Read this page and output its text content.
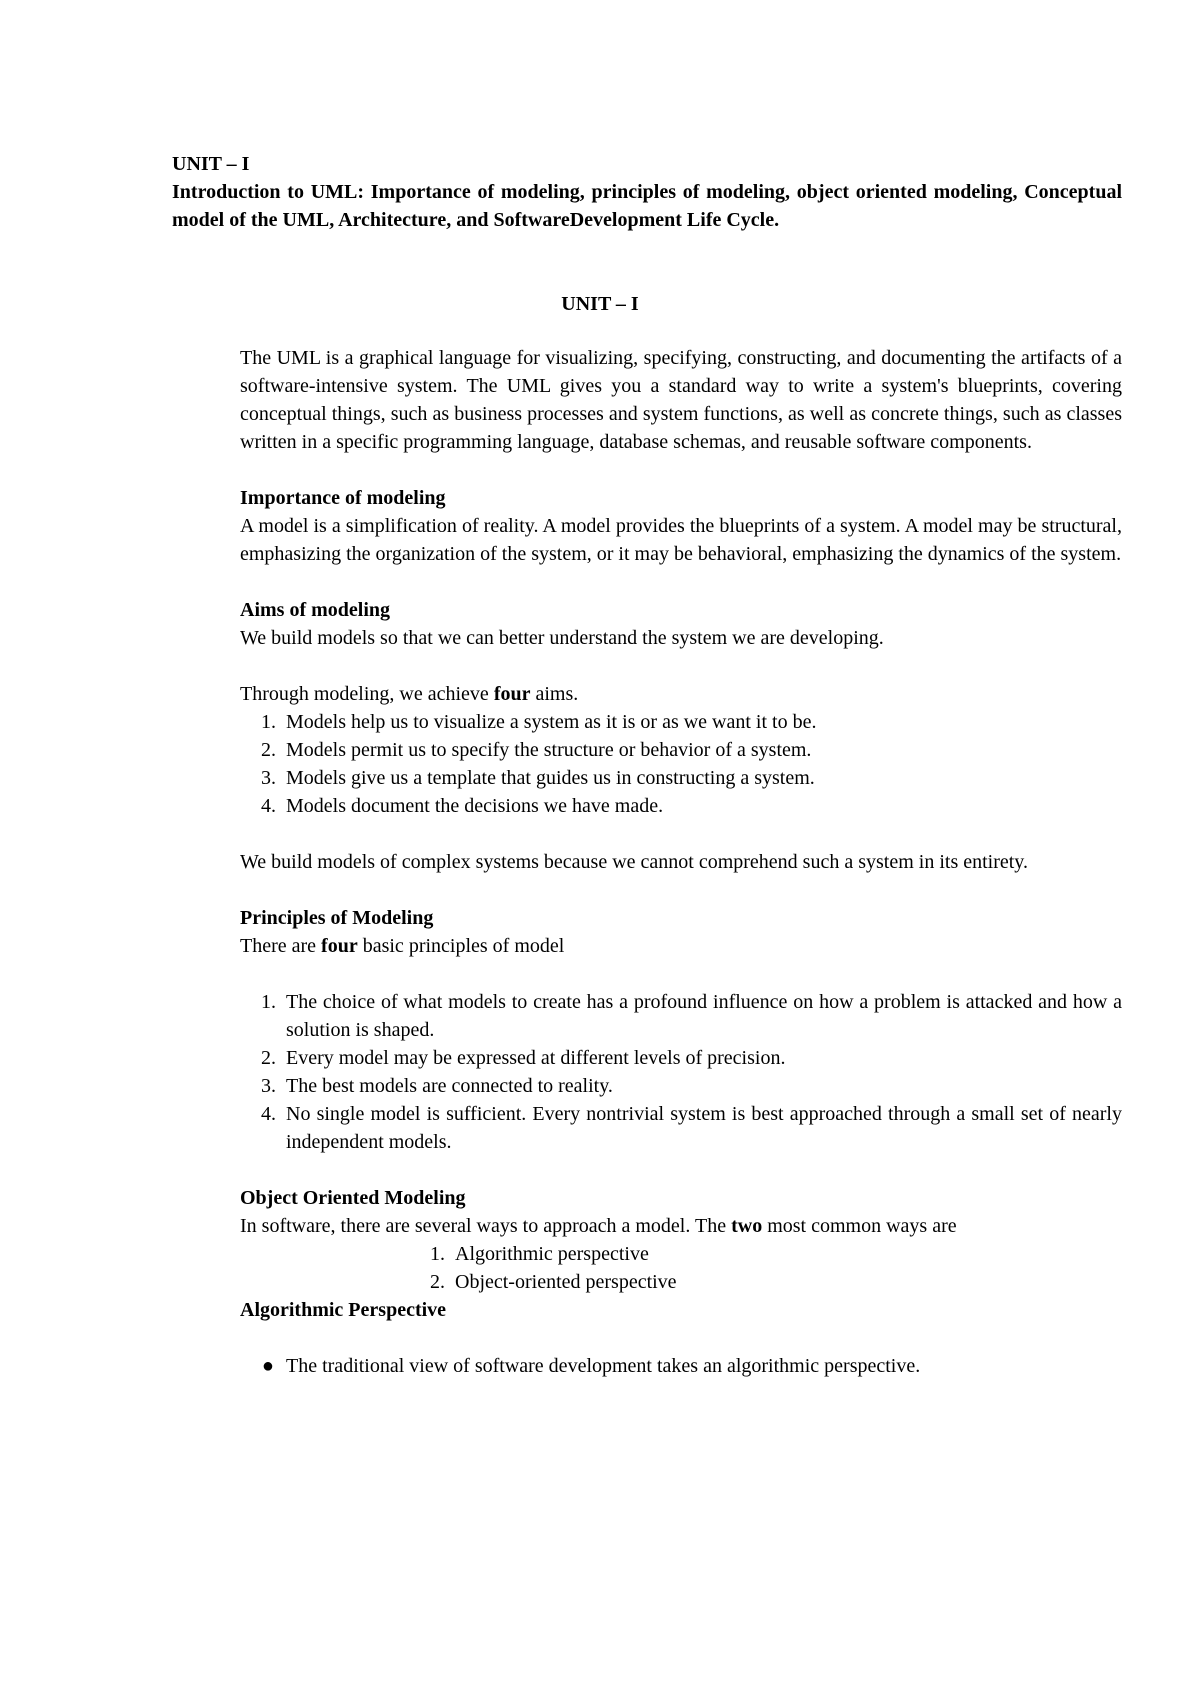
UNIT – I

Introduction to UML: Importance of modeling, principles of modeling, object oriented modeling, Conceptual model of the UML, Architecture, and SoftwareDevelopment Life Cycle.

UNIT – I

The UML is a graphical language for visualizing, specifying, constructing, and documenting the artifacts of a software-intensive system. The UML gives you a standard way to write a system's blueprints, covering conceptual things, such as business processes and system functions, as well as concrete things, such as classes written in a specific programming language, database schemas, and reusable software components.

Importance of modeling

A model is a simplification of reality. A model provides the blueprints of a system. A model may be structural, emphasizing the organization of the system, or it may be behavioral, emphasizing the dynamics of the system.

Aims of modeling

We build models so that we can better understand the system we are developing.

Through modeling, we achieve four aims.

1. Models help us to visualize a system as it is or as we want it to be.
2. Models permit us to specify the structure or behavior of a system.
3. Models give us a template that guides us in constructing a system.
4. Models document the decisions we have made.

We build models of complex systems because we cannot comprehend such a system in its entirety.

Principles of Modeling

There are four basic principles of model

1. The choice of what models to create has a profound influence on how a problem is attacked and how a solution is shaped.
2. Every model may be expressed at different levels of precision.
3. The best models are connected to reality.
4. No single model is sufficient. Every nontrivial system is best approached through a small set of nearly independent models.

Object Oriented Modeling

In software, there are several ways to approach a model. The two most common ways are

1. Algorithmic perspective
2. Object-oriented perspective

Algorithmic Perspective

● The traditional view of software development takes an algorithmic perspective.
